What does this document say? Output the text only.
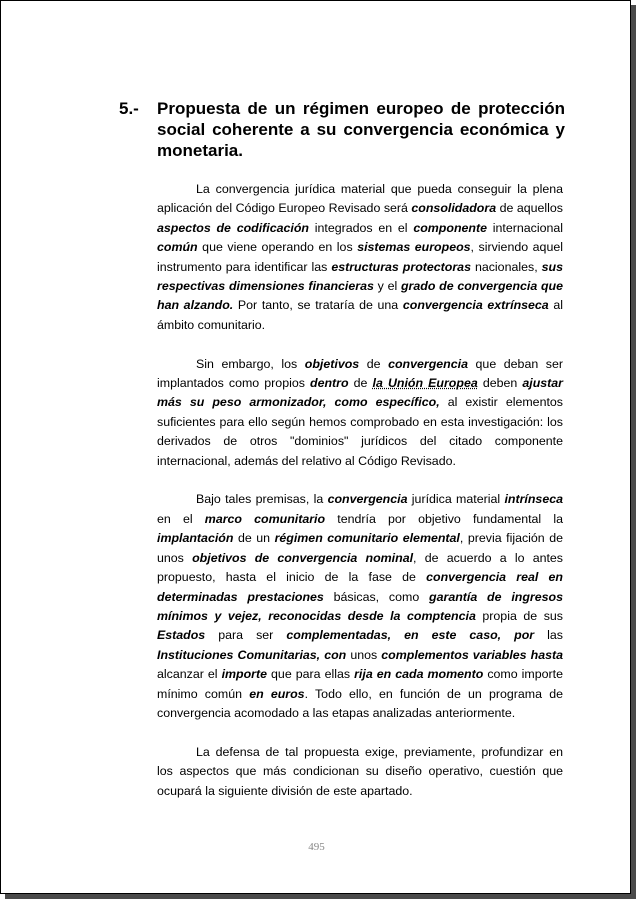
5.- Propuesta de un régimen europeo de protección social coherente a su convergencia económica y monetaria.

La convergencia jurídica material que pueda conseguir la plena aplicación del Código Europeo Revisado será consolidadora de aquellos aspectos de codificación integrados en el componente internacional común que viene operando en los sistemas europeos, sirviendo aquel instrumento para identificar las estructuras protectoras nacionales, sus respectivas dimensiones financieras y el grado de convergencia que han alzando. Por tanto, se trataría de una convergencia extrínseca al ámbito comunitario.

Sin embargo, los objetivos de convergencia que deban ser implantados como propios dentro de la Unión Europea deben ajustar más su peso armonizador, como específico, al existir elementos suficientes para ello según hemos comprobado en esta investigación: los derivados de otros "dominios" jurídicos del citado componente internacional, además del relativo al Código Revisado.

Bajo tales premisas, la convergencia jurídica material intrínseca en el marco comunitario tendría por objetivo fundamental la implantación de un régimen comunitario elemental, previa fijación de unos objetivos de convergencia nominal, de acuerdo a lo antes propuesto, hasta el inicio de la fase de convergencia real en determinadas prestaciones básicas, como garantía de ingresos mínimos y vejez, reconocidas desde la comptencia propia de sus Estados para ser complementadas, en este caso, por las Instituciones Comunitarias, con unos complementos variables hasta alcanzar el importe que para ellas rija en cada momento como importe mínimo común en euros. Todo ello, en función de un programa de convergencia acomodado a las etapas analizadas anteriormente.

La defensa de tal propuesta exige, previamente, profundizar en los aspectos que más condicionan su diseño operativo, cuestión que ocupará la siguiente división de este apartado.

495
